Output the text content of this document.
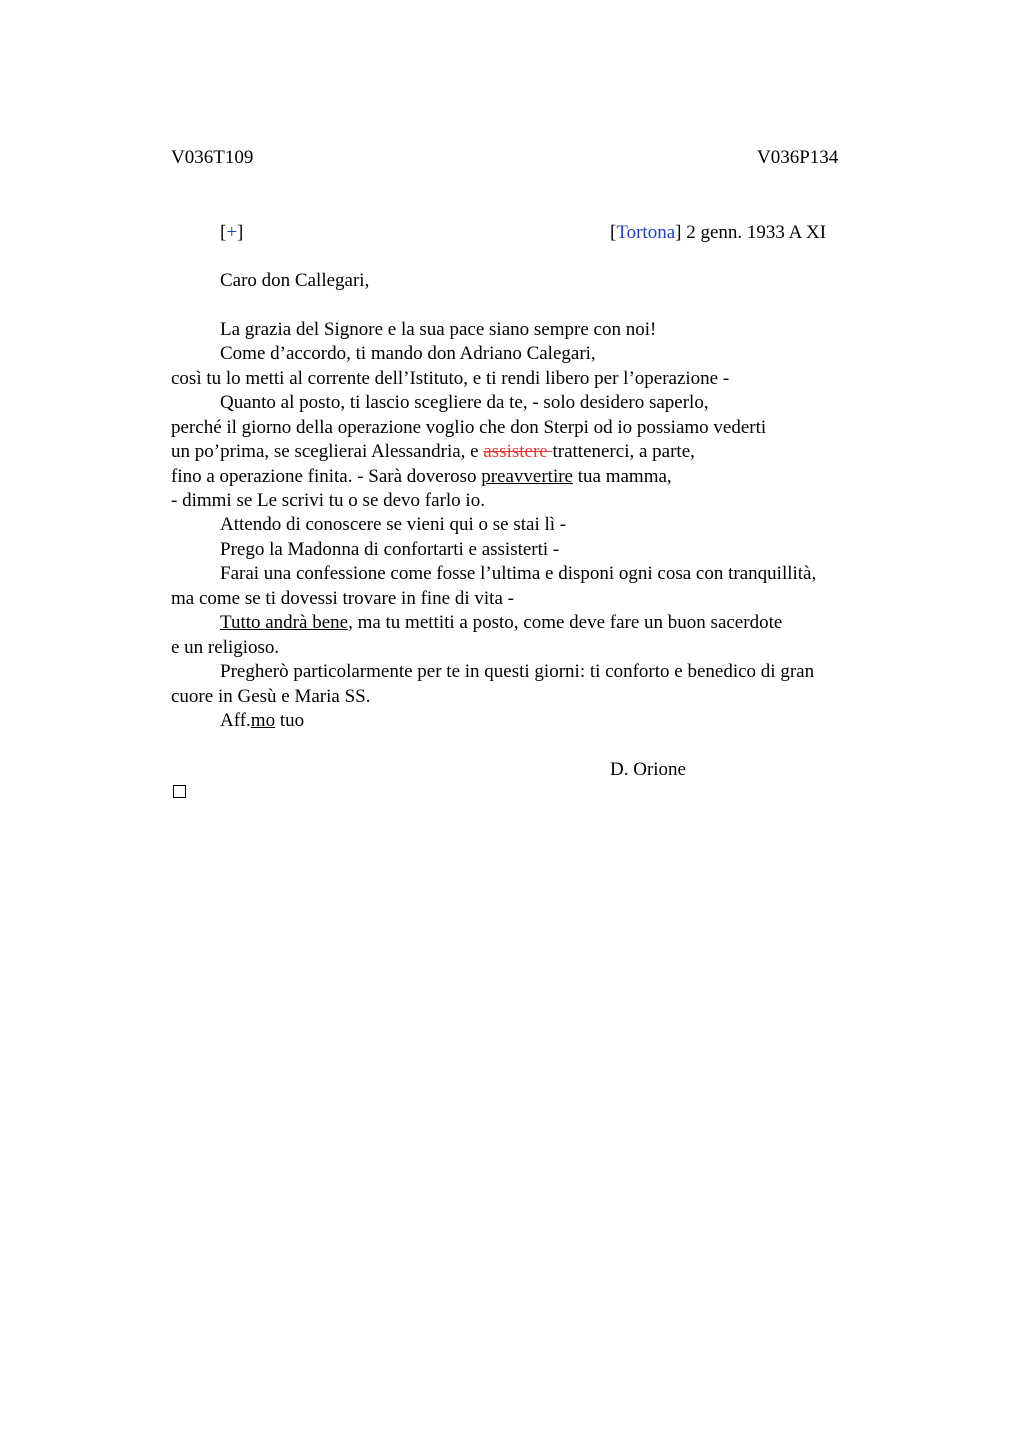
V036T109	V036P134
[+]	[Tortona] 2 genn. 1933 A XI
Caro don Callegari,
La grazia del Signore e la sua pace siano sempre con noi!
Come d’accordo, ti mando don Adriano Calegari,
così tu lo metti al corrente dell’Istituto, e ti rendi libero per l’operazione -
Quanto al posto, ti lascio scegliere da te, - solo desidero saperlo,
perché il giorno della operazione voglio che don Sterpi od io possiamo vederti
un po’prima, se sceglierai Alessandria, e assistere trattenerci, a parte,
fino a operazione finita. - Sarà doveroso preavvertire tua mamma,
- dimmi se Le scrivi tu o se devo farlo io.
Attendo di conoscere se vieni qui o se stai lì -
Prego la Madonna di confortarti e assisterti -
Farai una confessione come fosse l’ultima e disponi ogni cosa con tranquillità,
ma come se ti dovessi trovare in fine di vita -
Tutto andrà bene, ma tu mettiti a posto, come deve fare un buon sacerdote
e un religioso.
Pregherò particolarmente per te in questi giorni: ti conforto e benedico di gran
cuore in Gesù e Maria SS.
Aff.mo tuo
D. Orione
